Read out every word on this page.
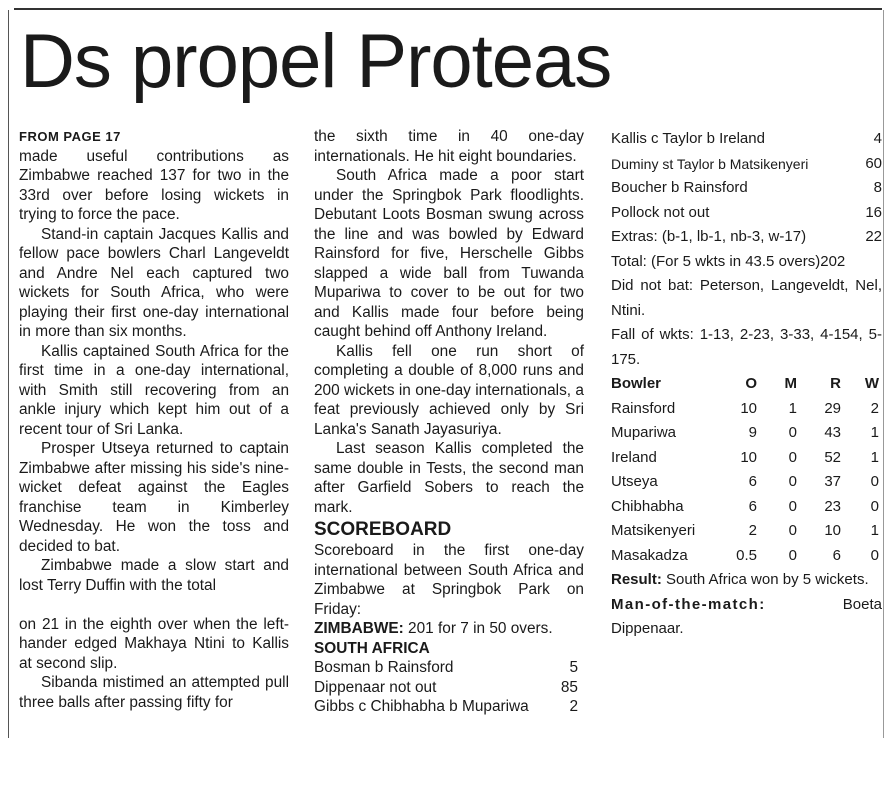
Ds propel Proteas
FROM PAGE 17

made useful contributions as Zimbabwe reached 137 for two in the 33rd over before losing wickets in trying to force the pace.

Stand-in captain Jacques Kallis and fellow pace bowlers Charl Langeveldt and Andre Nel each captured two wickets for South Africa, who were playing their first one-day international in more than six months.

Kallis captained South Africa for the first time in a one-day international, with Smith still recovering from an ankle injury which kept him out of a recent tour of Sri Lanka.

Prosper Utseya returned to captain Zimbabwe after missing his side's nine-wicket defeat against the Eagles franchise team in Kimberley Wednesday. He won the toss and decided to bat.

Zimbabwe made a slow start and lost Terry Duffin with the total

on 21 in the eighth over when the left-hander edged Makhaya Ntini to Kallis at second slip.

Sibanda mistimed an attempted pull three balls after passing fifty for

the sixth time in 40 one-day internationals. He hit eight boundaries.

South Africa made a poor start under the Springbok Park floodlights. Debutant Loots Bosman swung across the line and was bowled by Edward Rainsford for five, Herschelle Gibbs slapped a wide ball from Tuwanda Mupariwa to cover to be out for two and Kallis made four before being caught behind off Anthony Ireland.

Kallis fell one run short of completing a double of 8,000 runs and 200 wickets in one-day internationals, a feat previously achieved only by Sri Lanka's Sanath Jayasuriya.

Last season Kallis completed the same double in Tests, the second man after Garfield Sobers to reach the mark.

SCOREBOARD

Scoreboard in the first one-day international between South Africa and Zimbabwe at Springbok Park on Friday:

ZIMBABWE: 201 for 7 in 50 overs.
SOUTH AFRICA
Bosman b Rainsford	5
Dippenaar not out	85
Gibbs c Chibhabha b Mupariwa	2
Kallis c Taylor b Ireland	4
Duminy st Taylor b Matsikenyeri	60
Boucher b Rainsford	8
Pollock not out	16
Extras: (b-1, lb-1, nb-3, w-17)	22
Total: (For 5 wkts in 43.5 overs)202

Did not bat: Peterson, Langeveldt, Nel, Ntini.

Fall of wkts: 1-13, 2-23, 3-33, 4-154, 5-175.

Bowler	O	M	R	W
Rainsford	10	1	29	2
Mupariwa	9	0	43	1
Ireland	10	0	52	1
Utseya	6	0	37	0
Chibhabha	6	0	23	0
Matsikenyeri	2	0	10	1
Masakadza	0.5	0	6	0

Result: South Africa won by 5 wickets.

Man-of-the-match: Boeta Dippenaar.
